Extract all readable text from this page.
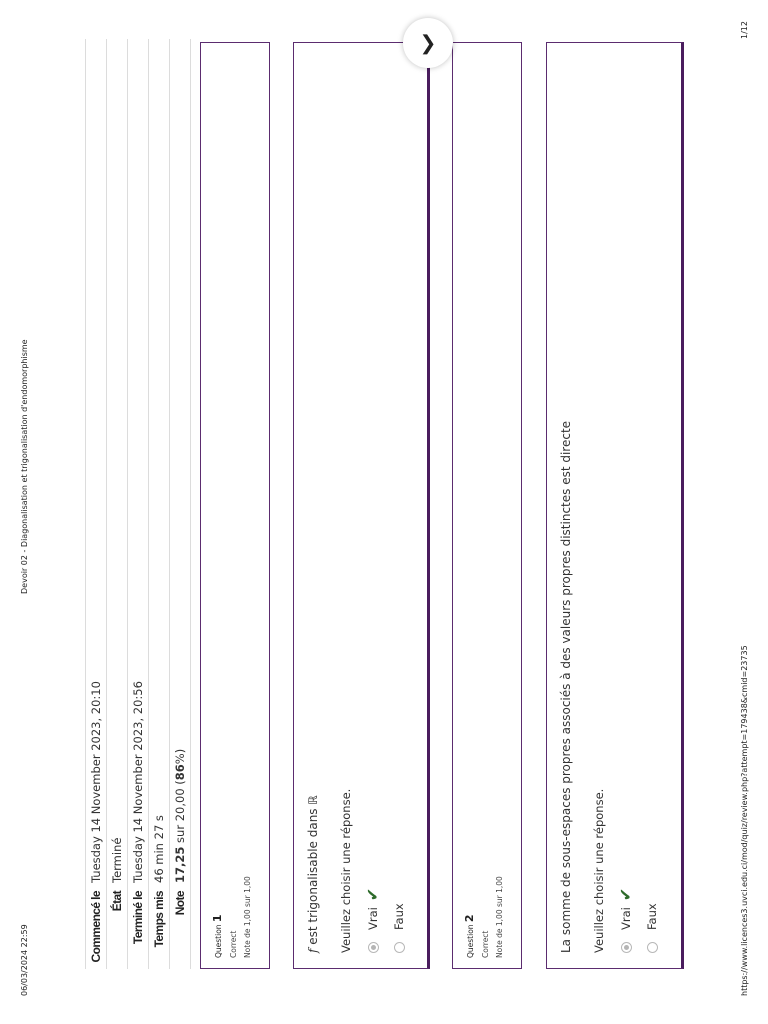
06/03/2024 22:59
Devoir 02 - Diagonalisation et trigonalisation d'endomorphisme
Commencé le
Tuesday 14 November 2023, 20:10
État
Terminé
Terminé le
Tuesday 14 November 2023, 20:56
Temps mis
46 min 27 s
Note
17,25 sur 20,00 (86%)
Question 1
Correct Note de 1,00 sur 1,00	f est trigonalisable dans ℝ Veuillez choisir une réponse. Vrai
✔
Faux
❯
Question 2
Correct Note de 1,00 sur 1,00	La somme de sous-espaces propres associés à des valeurs propres distinctes est directe Veuillez choisir une réponse. Vrai
✔
Faux	https://www.licences3.uvci.edu.ci/mod/quiz/review.php?attempt=179438&cmid=23735
1/12
